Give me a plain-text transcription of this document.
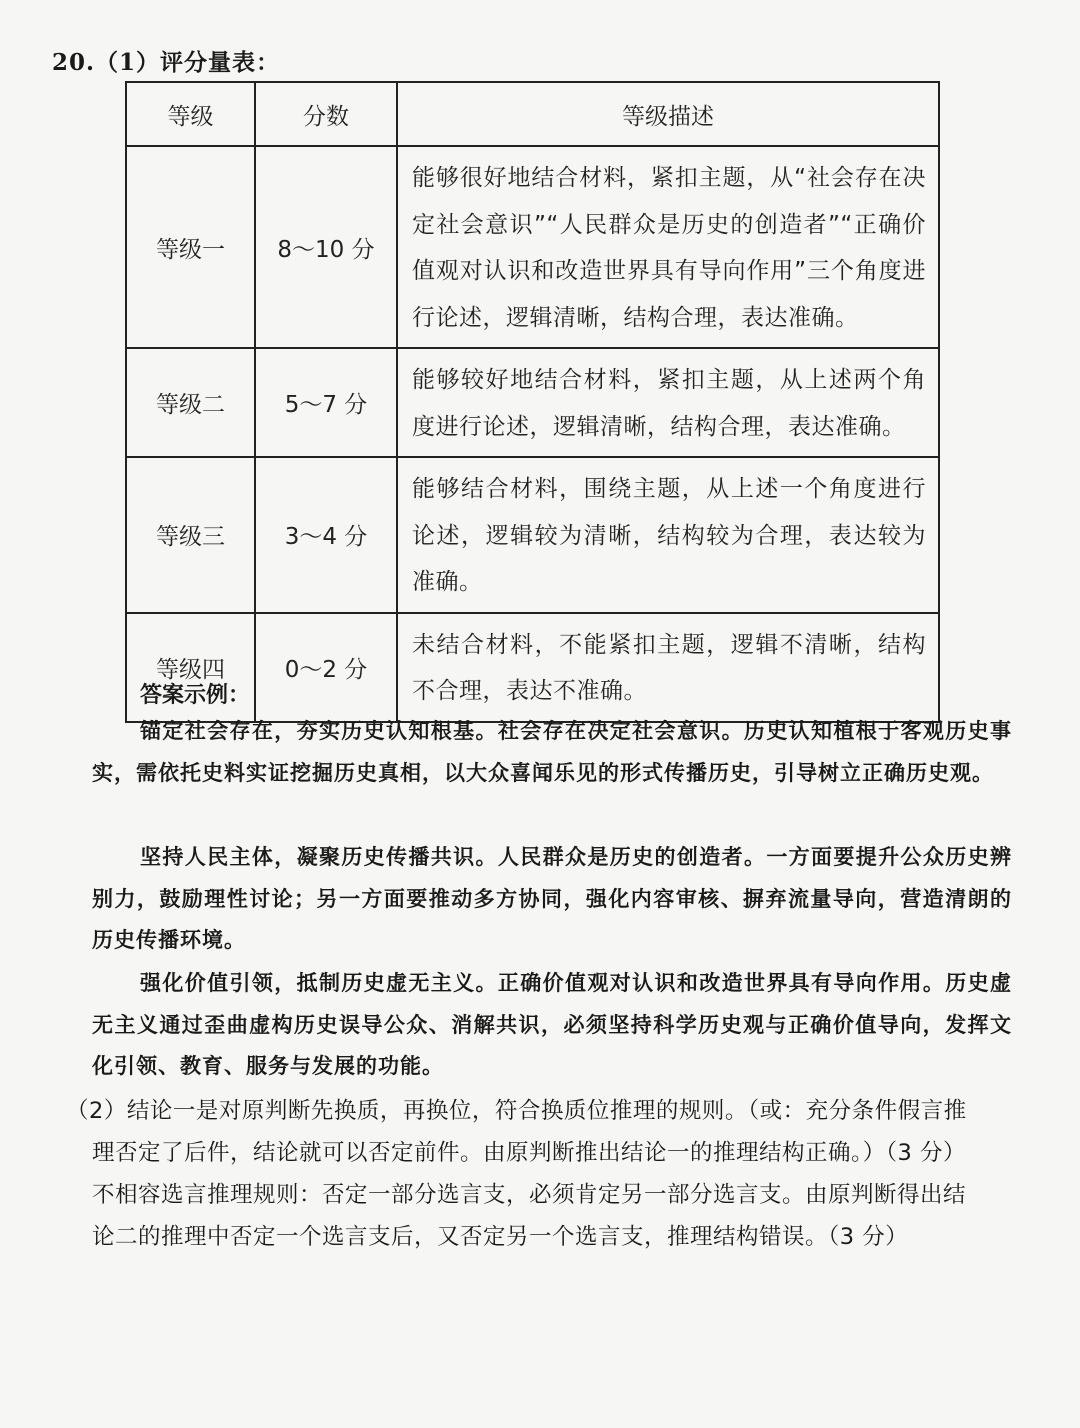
20.（1）评分量表：
等级	分数	等级描述
等级一	8～10 分	能够很好地结合材料，紧扣主题，从“社会存在决定社会意识”“人民群众是历史的创造者”“正确价值观对认识和改造世界具有导向作用”三个角度进行论述，逻辑清晰，结构合理，表达准确。
等级二	5～7 分	能够较好地结合材料，紧扣主题，从上述两个角度进行论述，逻辑清晰，结构合理，表达准确。
等级三	3～4 分	能够结合材料，围绕主题，从上述一个角度进行论述，逻辑较为清晰，结构较为合理，表达较为准确。
等级四	0～2 分	未结合材料，不能紧扣主题，逻辑不清晰，结构不合理，表达不准确。
答案示例：
锚定社会存在，夯实历史认知根基。社会存在决定社会意识。历史认知植根于客观历史事实，需依托史料实证挖掘历史真相，以大众喜闻乐见的形式传播历史，引导树立正确历史观。
坚持人民主体，凝聚历史传播共识。人民群众是历史的创造者。一方面要提升公众历史辨别力，鼓励理性讨论；另一方面要推动多方协同，强化内容审核、摒弃流量导向，营造清朗的历史传播环境。
强化价值引领，抵制历史虚无主义。正确价值观对认识和改造世界具有导向作用。历史虚无主义通过歪曲虚构历史误导公众、消解共识，必须坚持科学历史观与正确价值导向，发挥文化引领、教育、服务与发展的功能。
（2）结论一是对原判断先换质，再换位，符合换质位推理的规则。（或：充分条件假言推
理否定了后件，结论就可以否定前件。由原判断推出结论一的推理结构正确。）（3 分）
不相容选言推理规则：否定一部分选言支，必须肯定另一部分选言支。由原判断得出结
论二的推理中否定一个选言支后，又否定另一个选言支，推理结构错误。（3 分）
